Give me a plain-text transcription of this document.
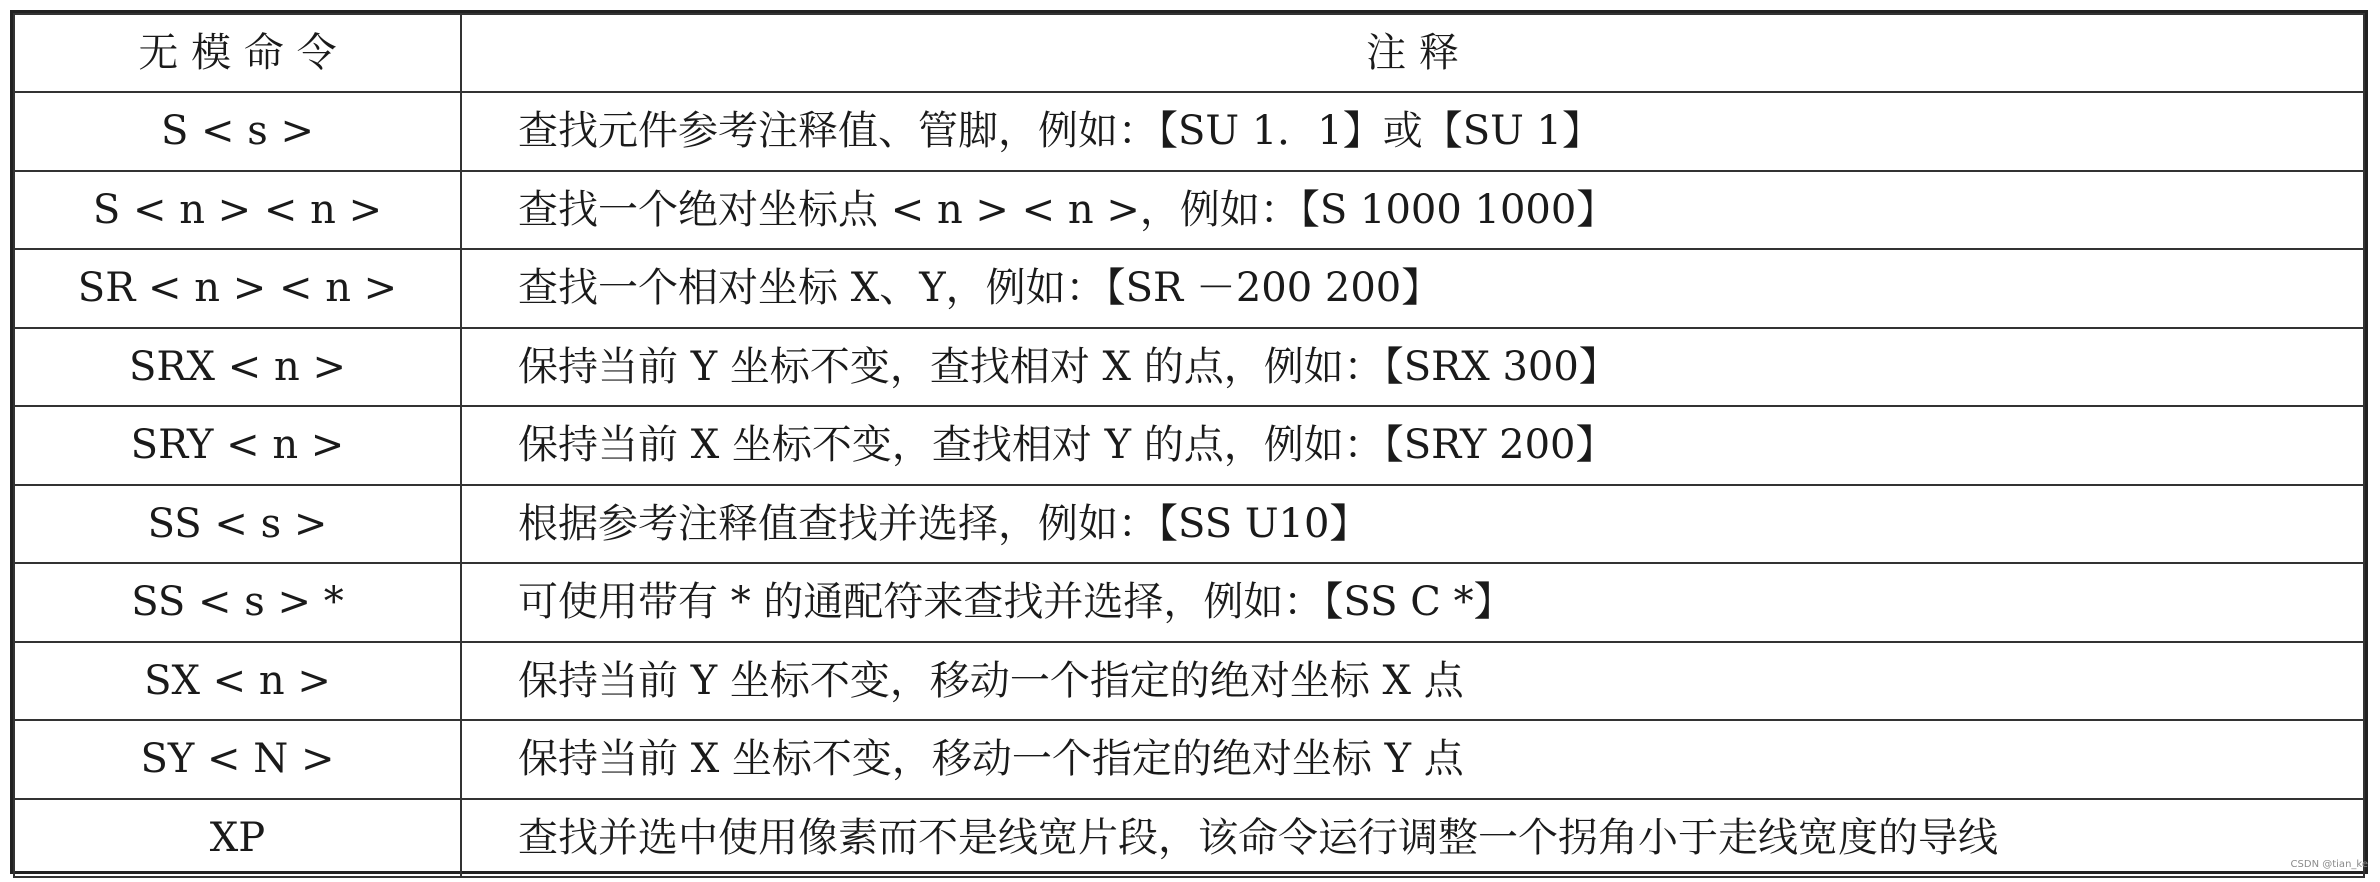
无 模 命 令	注 释
S < s >	查找元件参考注释值、管脚，例如：【SU 1．1】或【SU 1】
S < n > < n >	查找一个绝对坐标点 < n > < n >，例如：【S 1000 1000】
SR < n > < n >	查找一个相对坐标 X、Y，例如：【SR －200 200】
SRX < n >	保持当前 Y 坐标不变，查找相对 X 的点，例如：【SRX 300】
SRY < n >	保持当前 X 坐标不变，查找相对 Y 的点，例如：【SRY 200】
SS < s >	根据参考注释值查找并选择，例如：【SS U10】
SS < s > *	可使用带有 * 的通配符来查找并选择，例如：【SS C *】
SX < n >	保持当前 Y 坐标不变，移动一个指定的绝对坐标 X 点
SY < N >	保持当前 X 坐标不变，移动一个指定的绝对坐标 Y 点
XP	查找并选中使用像素而不是线宽片段，该命令运行调整一个拐角小于走线宽度的导线
CSDN @tian_ke
